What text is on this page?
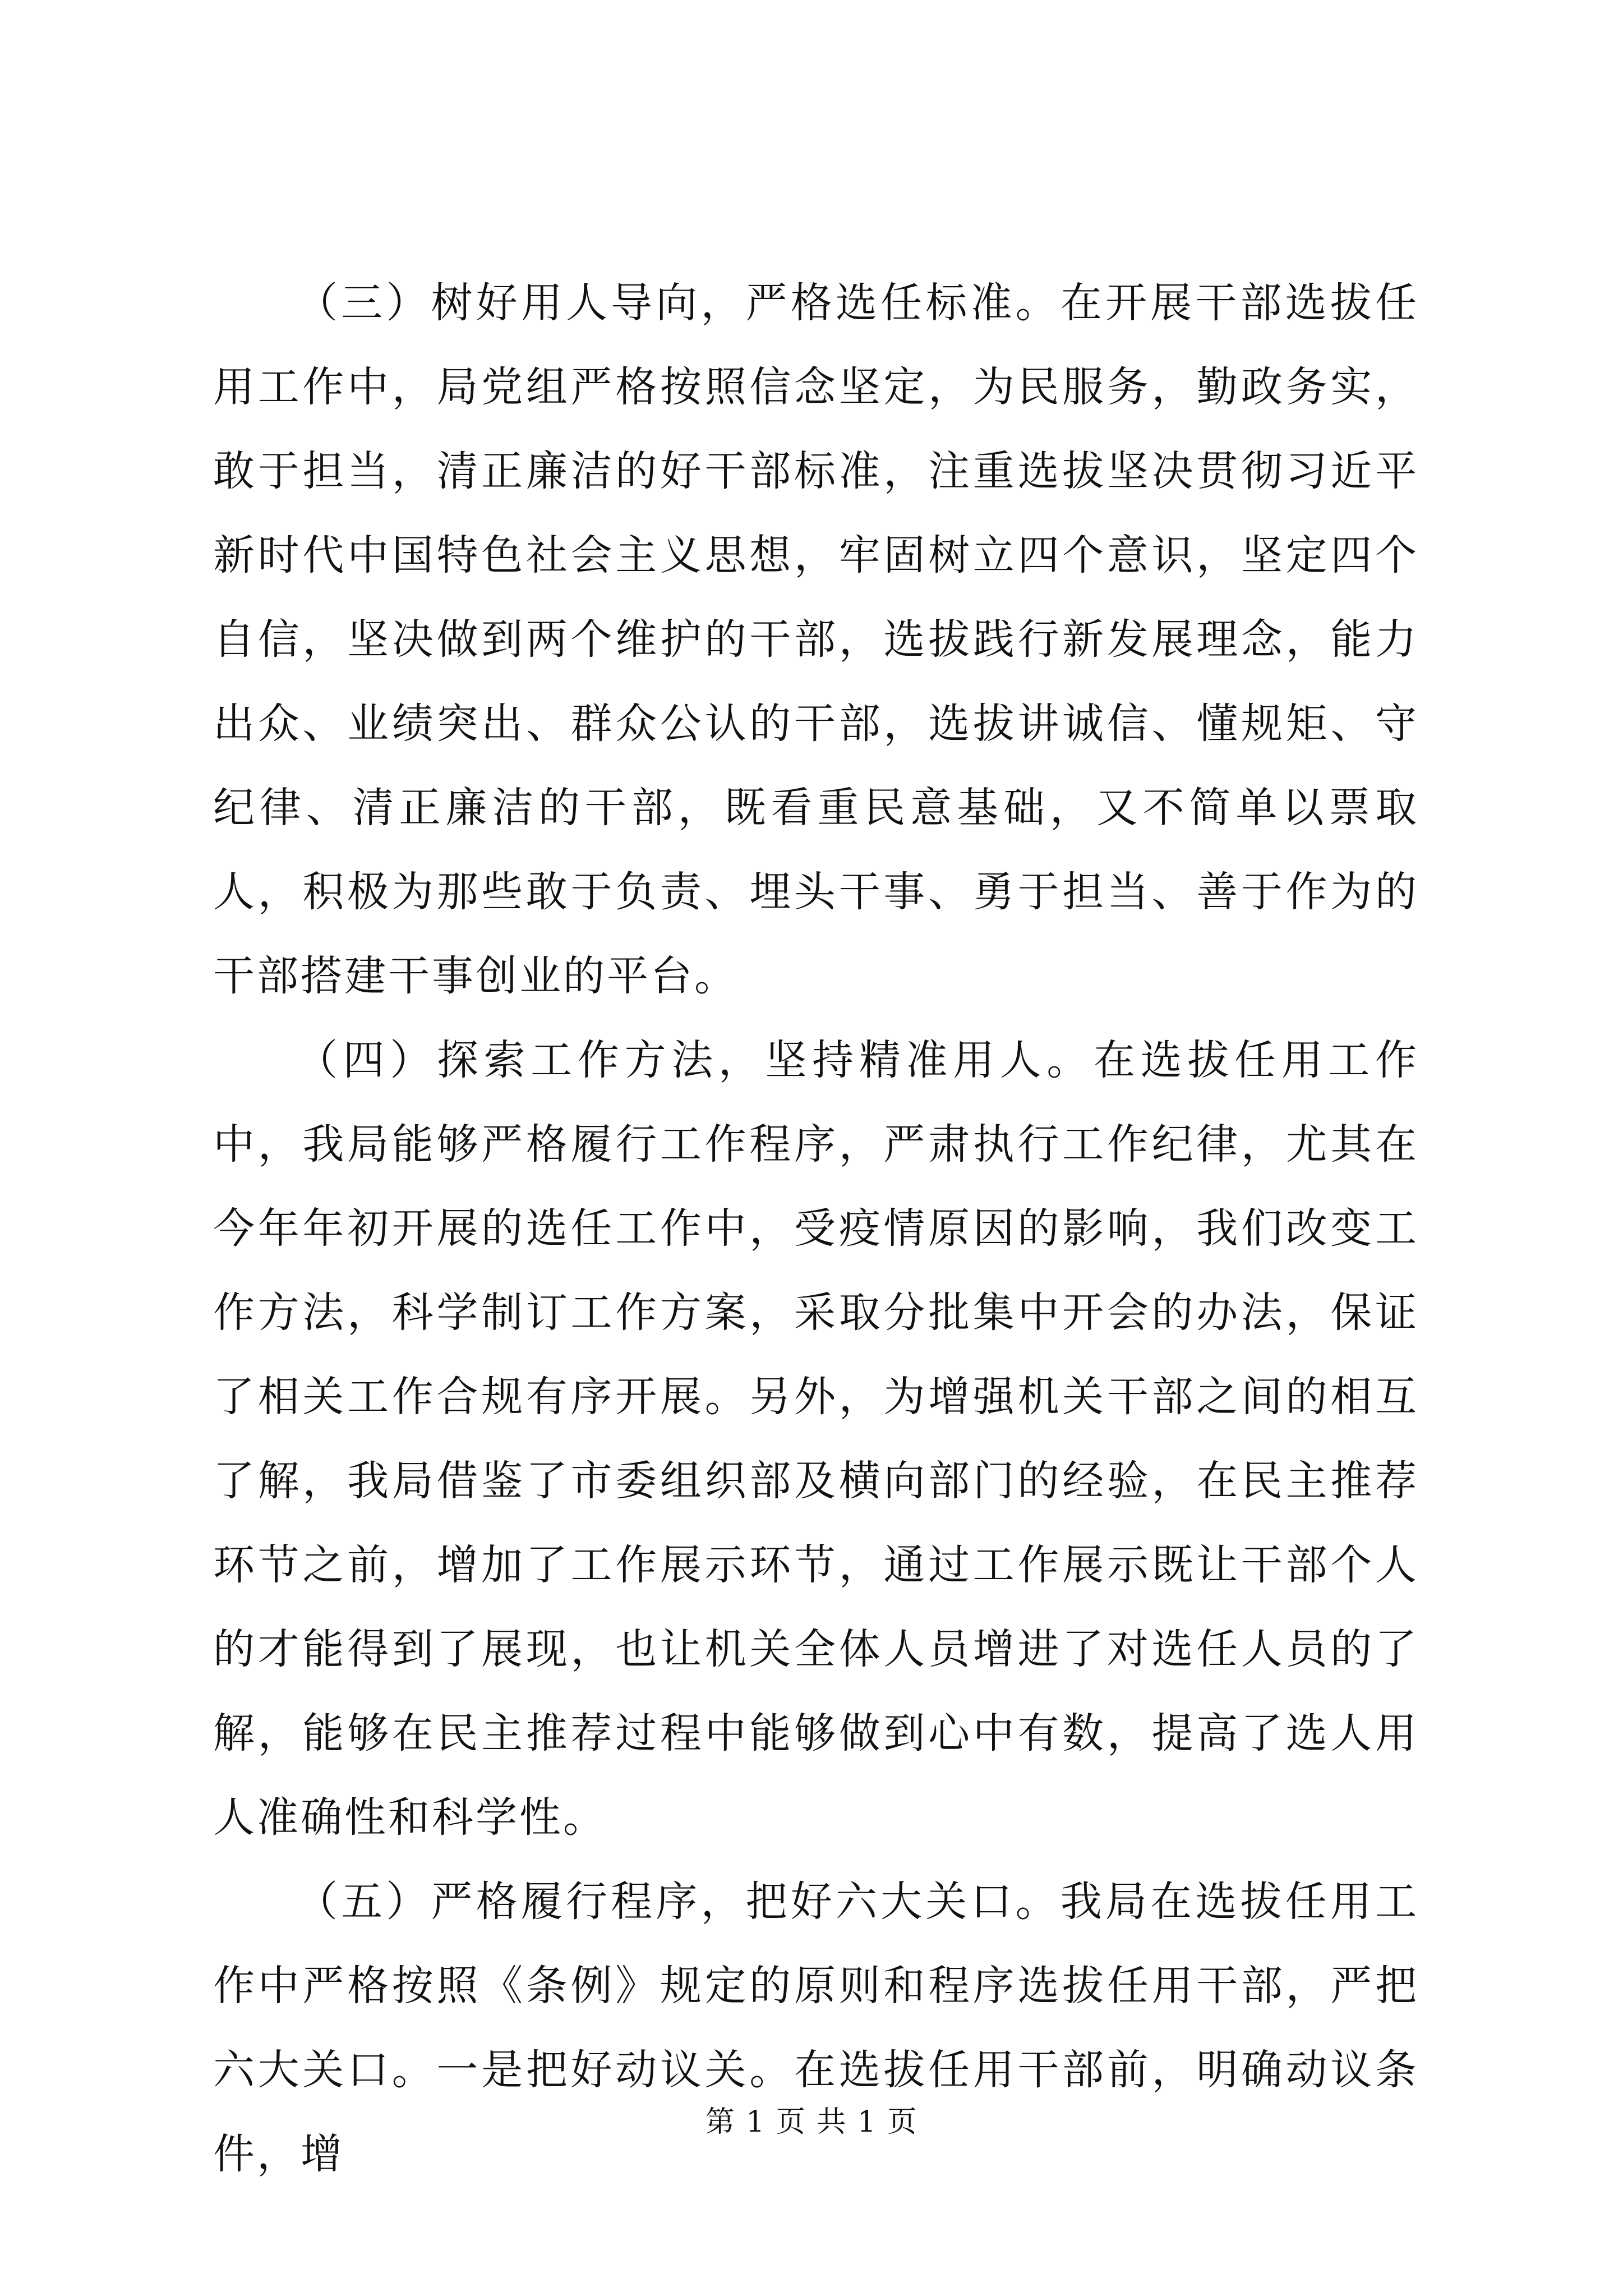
（三）树好用人导向，严格选任标准。在开展干部选拔任用工作中，局党组严格按照信念坚定，为民服务，勤政务实，敢于担当，清正廉洁的好干部标准，注重选拔坚决贯彻习近平新时代中国特色社会主义思想，牢固树立四个意识，坚定四个自信，坚决做到两个维护的干部，选拔践行新发展理念，能力出众、业绩突出、群众公认的干部，选拔讲诚信、懂规矩、守纪律、清正廉洁的干部，既看重民意基础，又不简单以票取人，积极为那些敢于负责、埋头干事、勇于担当、善于作为的干部搭建干事创业的平台。

（四）探索工作方法，坚持精准用人。在选拔任用工作中，我局能够严格履行工作程序，严肃执行工作纪律，尤其在今年年初开展的选任工作中，受疫情原因的影响，我们改变工作方法，科学制订工作方案，采取分批集中开会的办法，保证了相关工作合规有序开展。另外，为增强机关干部之间的相互了解，我局借鉴了市委组织部及横向部门的经验，在民主推荐环节之前，增加了工作展示环节，通过工作展示既让干部个人的才能得到了展现，也让机关全体人员增进了对选任人员的了解，能够在民主推荐过程中能够做到心中有数，提高了选人用人准确性和科学性。

（五）严格履行程序，把好六大关口。我局在选拔任用工作中严格按照《条例》规定的原则和程序选拔任用干部，严把六大关口。一是把好动议关。在选拔任用干部前，明确动议条件，增

第 1 页 共 1 页
